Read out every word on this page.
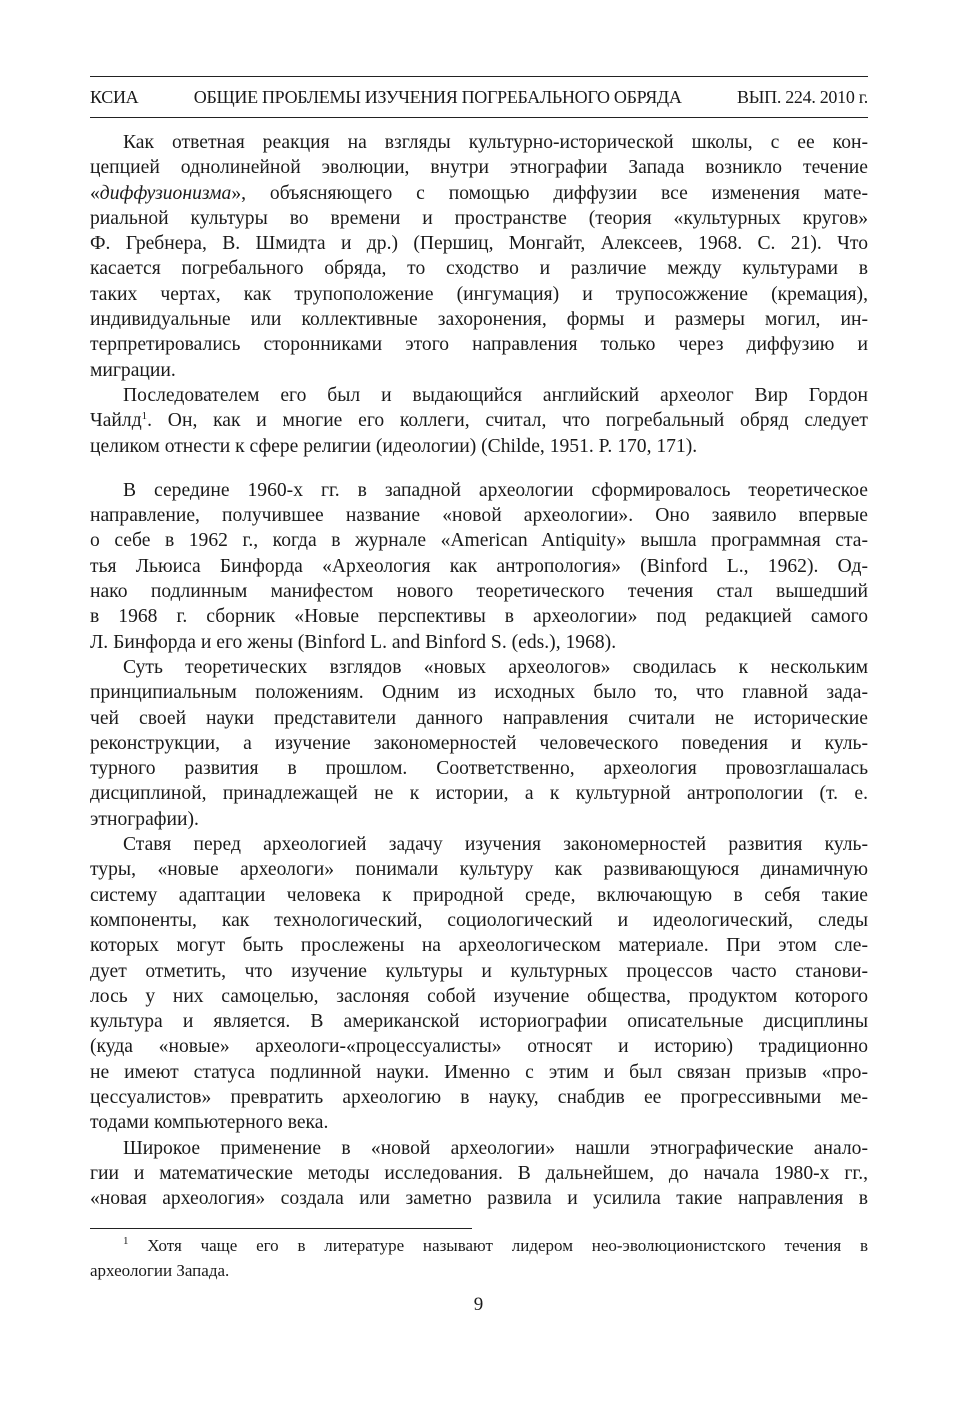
КСИА	ОБЩИЕ ПРОБЛЕМЫ ИЗУЧЕНИЯ ПОГРЕБАЛЬНОГО ОБРЯДА	ВЫП. 224. 2010 г.
Как ответная реакция на взгляды культурно-исторической школы, с ее кон-
цепцией однолинейной эволюции, внутри этнографии Запада возникло течение
«диффузионизма», объясняющего с помощью диффузии все изменения мате-
риальной культуры во времени и пространстве (теория «культурных кругов»
Ф. Гребнера, В. Шмидта и др.) (Першиц, Монгайт, Алексеев, 1968. С. 21). Что
касается погребального обряда, то сходство и различие между культурами в
таких чертах, как трупоположение (ингумация) и трупосожжение (кремация),
индивидуальные или коллективные захоронения, формы и размеры могил, ин-
терпретировались сторонниками этого направления только через диффузию и
миграции.
Последователем его был и выдающийся английский археолог Вир Гордон
Чайлд$^1$. Он, как и многие его коллеги, считал, что погребальный обряд следует
целиком отнести к сфере религии (идеологии) (Childe, 1951. P. 170, 171).
В середине 1960-х гг. в западной археологии сформировалось теоретическое
направление, получившее название «новой археологии». Оно заявило впервые
о себе в 1962 г., когда в журнале «American Antiquity» вышла программная ста-
тья Льюиса Бинфорда «Археология как антропология» (Binford L., 1962). Од-
нако подлинным манифестом нового теоретического течения стал вышедший
в 1968 г. сборник «Новые перспективы в археологии» под редакцией самого
Л. Бинфорда и его жены (Binford L. and Binford S. (eds.), 1968).
Суть теоретических взглядов «новых археологов» сводилась к нескольким
принципиальным положениям. Одним из исходных было то, что главной зада-
чей своей науки представители данного направления считали не исторические
реконструкции, а изучение закономерностей человеческого поведения и куль-
турного развития в прошлом. Соответственно, археология провозглашалась
дисциплиной, принадлежащей не к истории, а к культурной антропологии (т. е.
этнографии).
Ставя перед археологией задачу изучения закономерностей развития куль-
туры, «новые археологи» понимали культуру как развивающуюся динамичную
систему адаптации человека к природной среде, включающую в себя такие
компоненты, как технологический, социологический и идеологический, следы
которых могут быть прослежены на археологическом материале. При этом сле-
дует отметить, что изучение культуры и культурных процессов часто станови-
лось у них самоцелью, заслоняя собой изучение общества, продуктом которого
культура и является. В американской историографии описательные дисциплины
(куда «новые» археологи-«процессуалисты» относят и историю) традиционно
не имеют статуса подлинной науки. Именно с этим и был связан призыв «про-
цессуалистов» превратить археологию в науку, снабдив ее прогрессивными ме-
тодами компьютерного века.
Широкое применение в «новой археологии» нашли этнографические анало-
гии и математические методы исследования. В дальнейшем, до начала 1980-х гг.,
«новая археология» создала или заметно развила и усилила такие направления в
$^1$ Хотя чаще его в литературе называют лидером нео-эволюционистского течения в
археологии Запада.
9
